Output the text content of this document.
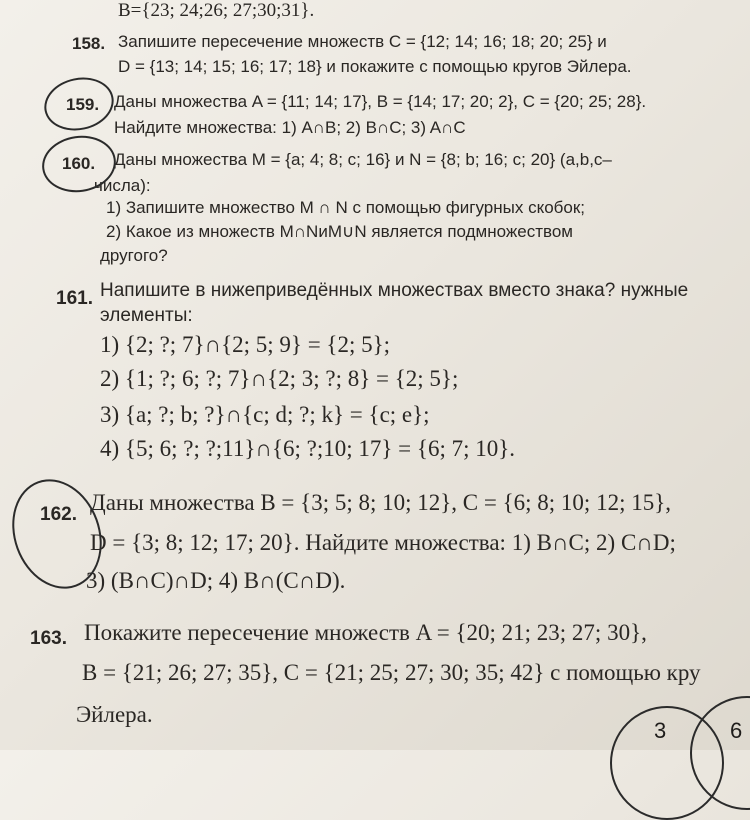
В={23; 24;26; 27;30;31}.
158. Запишите пересечение множеств C = {12; 14; 16; 18; 20; 25} и
D = {13; 14; 15; 16; 17; 18} и покажите с помощью кругов Эйлера.
159. Даны множества A = {11; 14; 17}, B = {14; 17; 20; 2}, C = {20; 25; 28}.
Найдите множества: 1) A∩B; 2) B∩C; 3) A∩C
160. Даны множества M = {a; 4; 8; c; 16} и N = {8; b; 16; c; 20} (a,b,c–
числа):
1) Запишите множество M ∩ N с помощью фигурных скобок;
2) Какое из множеств M∩NиM∪N является подмножеством
другого?
161. Напишите в нижеприведённых множествах вместо знака? нужные
элементы:
1) {2; ?; 7}∩{2; 5; 9} = {2; 5};
2) {1; ?; 6; ?; 7}∩{2; 3; ?; 8} = {2; 5};
3) {a; ?; b; ?}∩{c; d; ?; k} = {c; e};
4) {5; 6; ?; ?;11}∩{6; ?;10; 17} = {6; 7; 10}.
162. Даны множества B = {3; 5; 8; 10; 12}, C = {6; 8; 10; 12; 15},
D = {3; 8; 12; 17; 20}. Найдите множества: 1) B∩C; 2) C∩D;
3) (B∩C)∩D; 4) B∩(C∩D).
163. Покажите пересечение множеств A = {20; 21; 23; 27; 30},
B = {21; 26; 27; 35}, C = {21; 25; 27; 30; 35; 42} с помощью кру
Эйлера.
3	6
